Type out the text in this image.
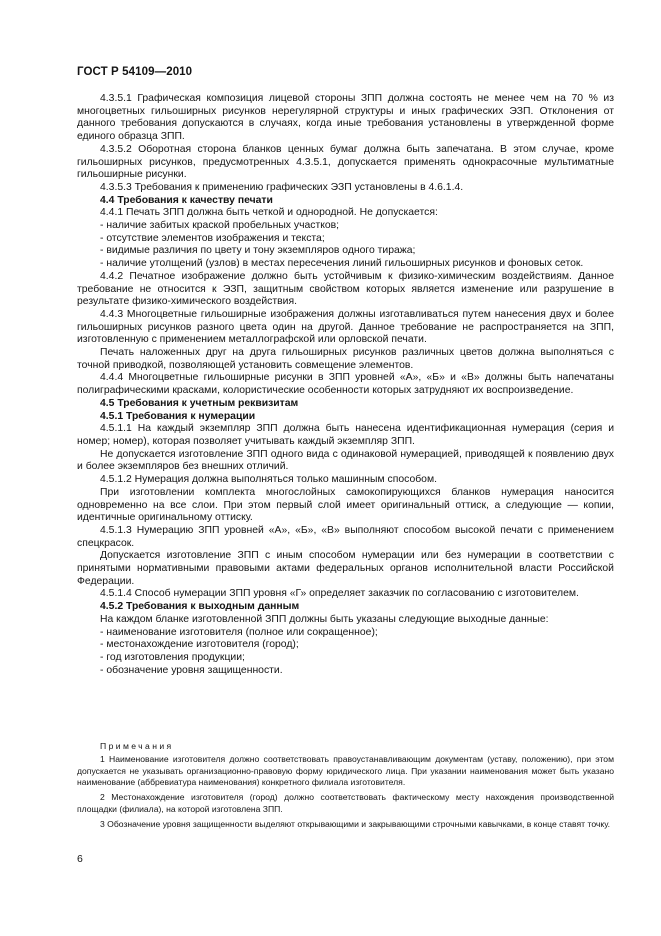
ГОСТ Р 54109—2010

4.3.5.1 Графическая композиция лицевой стороны ЗПП должна состоять не менее чем на 70 % из многоцветных гильоширных рисунков нерегулярной структуры и иных графических ЭЗП. Отклонения от данного требования допускаются в случаях, когда иные требования установлены в утвержденной форме единого образца ЗПП.

4.3.5.2 Оборотная сторона бланков ценных бумаг должна быть запечатана. В этом случае, кроме гильоширных рисунков, предусмотренных 4.3.5.1, допускается применять однокрасочные мультиматные гильоширные рисунки.

4.3.5.3 Требования к применению графических ЭЗП установлены в 4.6.1.4.

4.4 Требования к качеству печати

4.4.1 Печать ЗПП должна быть четкой и однородной. Не допускается:

- наличие забитых краской пробельных участков;

- отсутствие элементов изображения и текста;

- видимые различия по цвету и тону экземпляров одного тиража;

- наличие утолщений (узлов) в местах пересечения линий гильоширных рисунков и фоновых сеток.

4.4.2 Печатное изображение должно быть устойчивым к физико-химическим воздействиям. Данное требование не относится к ЭЗП, защитным свойством которых является изменение или разрушение в результате физико-химического воздействия.

4.4.3 Многоцветные гильоширные изображения должны изготавливаться путем нанесения двух и более гильоширных рисунков разного цвета один на другой. Данное требование не распространяется на ЗПП, изготовленную с применением металлографской или орловской печати.

Печать наложенных друг на друга гильоширных рисунков различных цветов должна выполняться с точной приводкой, позволяющей установить совмещение элементов.

4.4.4 Многоцветные гильоширные рисунки в ЗПП уровней «А», «Б» и «В» должны быть напечатаны полиграфическими красками, колористические особенности которых затрудняют их воспроизведение.

4.5 Требования к учетным реквизитам

4.5.1 Требования к нумерации

4.5.1.1 На каждый экземпляр ЗПП должна быть нанесена идентификационная нумерация (серия и номер; номер), которая позволяет учитывать каждый экземпляр ЗПП.

Не допускается изготовление ЗПП одного вида с одинаковой нумерацией, приводящей к появлению двух и более экземпляров без внешних отличий.

4.5.1.2 Нумерация должна выполняться только машинным способом.

При изготовлении комплекта многослойных самокопирующихся бланков нумерация наносится одновременно на все слои. При этом первый слой имеет оригинальный оттиск, а следующие — копии, идентичные оригинальному оттиску.

4.5.1.3 Нумерацию ЗПП уровней «А», «Б», «В» выполняют способом высокой печати с применением спецкрасок.

Допускается изготовление ЗПП с иным способом нумерации или без нумерации в соответствии с принятыми нормативными правовыми актами федеральных органов исполнительной власти Российской Федерации.

4.5.1.4 Способ нумерации ЗПП уровня «Г» определяет заказчик по согласованию с изготовителем.

4.5.2 Требования к выходным данным

На каждом бланке изготовленной ЗПП должны быть указаны следующие выходные данные:

- наименование изготовителя (полное или сокращенное);

- местонахождение изготовителя (город);

- год изготовления продукции;

- обозначение уровня защищенности.

Примечания

1 Наименование изготовителя должно соответствовать правоустанавливающим документам (уставу, положению), при этом допускается не указывать организационно-правовую форму юридического лица. При указании наименования может быть указано наименование (аббревиатура наименования) конкретного филиала изготовителя.

2 Местонахождение изготовителя (город) должно соответствовать фактическому месту нахождения производственной площадки (филиала), на которой изготовлена ЗПП.

3 Обозначение уровня защищенности выделяют открывающими и закрывающими строчными кавычками, в конце ставят точку.

6
